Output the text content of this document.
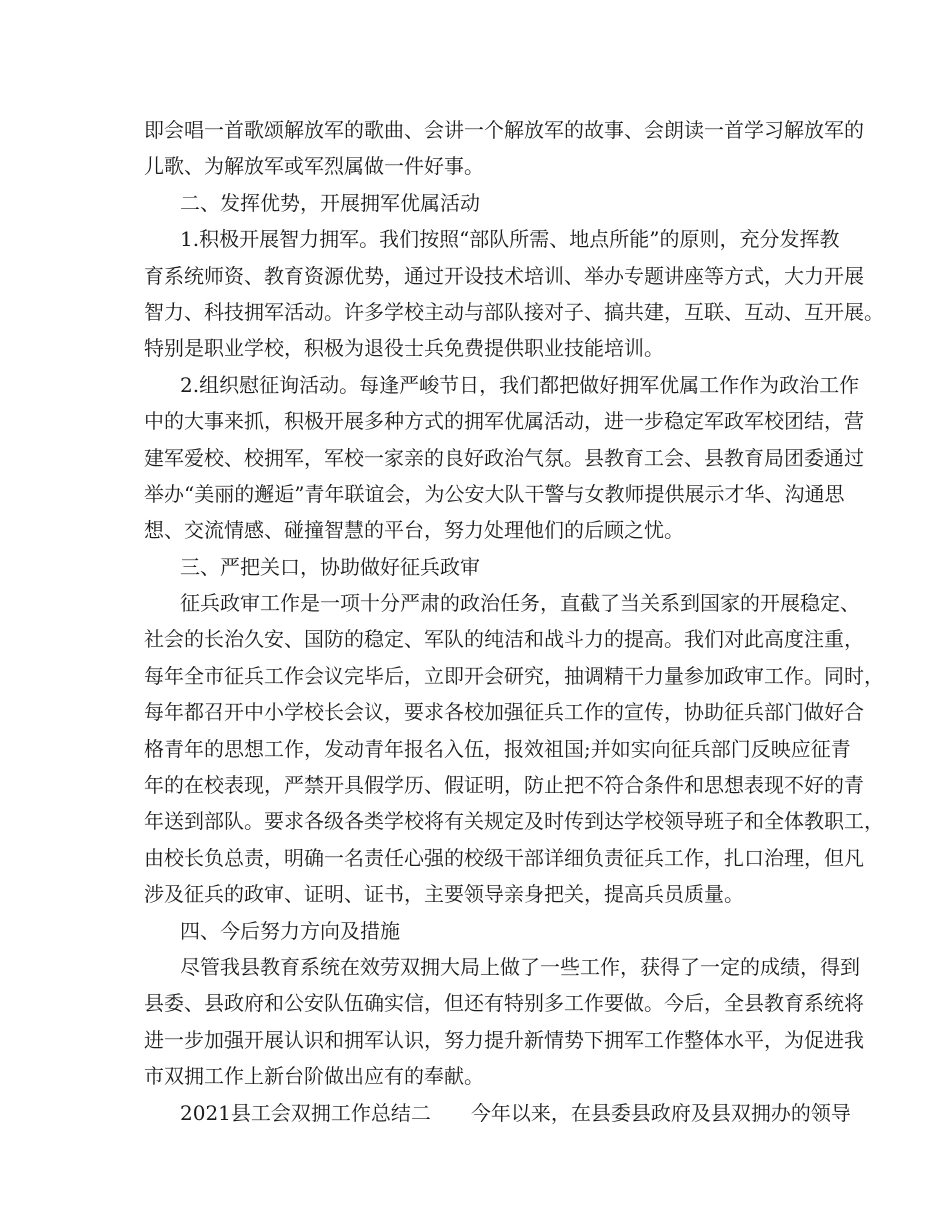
即会唱一首歌颂解放军的歌曲、会讲一个解放军的故事、会朗读一首学习解放军的
儿歌、为解放军或军烈属做一件好事。
二、发挥优势，开展拥军优属活动
1.积极开展智力拥军。我们按照“部队所需、地点所能”的原则，充分发挥教
育系统师资、教育资源优势，通过开设技术培训、举办专题讲座等方式，大力开展
智力、科技拥军活动。许多学校主动与部队接对子、搞共建，互联、互动、互开展。
特别是职业学校，积极为退役士兵免费提供职业技能培训。
2.组织慰征询活动。每逢严峻节日，我们都把做好拥军优属工作作为政治工作
中的大事来抓，积极开展多种方式的拥军优属活动，进一步稳定军政军校团结，营
建军爱校、校拥军，军校一家亲的良好政治气氛。县教育工会、县教育局团委通过
举办“美丽的邂逅”青年联谊会，为公安大队干警与女教师提供展示才华、沟通思
想、交流情感、碰撞智慧的平台，努力处理他们的后顾之忧。
三、严把关口，协助做好征兵政审
征兵政审工作是一项十分严肃的政治任务，直截了当关系到国家的开展稳定、
社会的长治久安、国防的稳定、军队的纯洁和战斗力的提高。我们对此高度注重，
每年全市征兵工作会议完毕后，立即开会研究，抽调精干力量参加政审工作。同时，
每年都召开中小学校长会议，要求各校加强征兵工作的宣传，协助征兵部门做好合
格青年的思想工作，发动青年报名入伍，报效祖国;并如实向征兵部门反映应征青
年的在校表现，严禁开具假学历、假证明，防止把不符合条件和思想表现不好的青
年送到部队。要求各级各类学校将有关规定及时传到达学校领导班子和全体教职工，
由校长负总责，明确一名责任心强的校级干部详细负责征兵工作，扎口治理，但凡
涉及征兵的政审、证明、证书，主要领导亲身把关，提高兵员质量。
四、今后努力方向及措施
尽管我县教育系统在效劳双拥大局上做了一些工作，获得了一定的成绩，得到
县委、县政府和公安队伍确实信，但还有特别多工作要做。今后，全县教育系统将
进一步加强开展认识和拥军认识，努力提升新情势下拥军工作整体水平，为促进我
市双拥工作上新台阶做出应有的奉献。
2021县工会双拥工作总结二 今年以来，在县委县政府及县双拥办的领导
